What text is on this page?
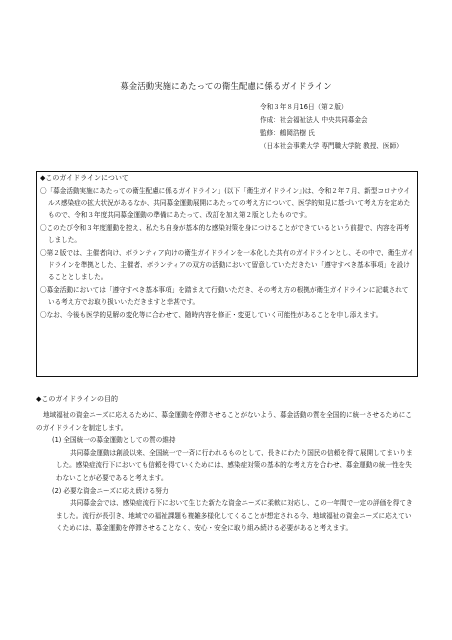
募金活動実施にあたっての衛生配慮に係るガイドライン
令和３年８月16日（第２版）
作成：社会福祉法人 中央共同募金会
監修：鶴岡浩樹 氏
（日本社会事業大学 専門職大学院 教授、医師）
◆このガイドラインについて

〇「募金活動実施にあたっての衛生配慮に係るガイドライン」(以下「衛生ガイドライン」)は、令和２年７月、新型コロナウイルス感染症の拡大状況があるなか、共同募金運動展開にあたっての考え方について、医学的知見に基づいて考え方を定めたもので、令和３年度共同募金運動の準備にあたって、改訂を加え第２版としたものです。

〇このたび令和３年度運動を控え、私たち自身が基本的な感染対策を身につけることができているという前提で、内容を再考しました。

〇第２版では、主催者向け、ボランティア向けの衛生ガイドラインを一本化した共有のガイドラインとし、その中で、衛生ガイドラインを準拠とした、主催者、ボランティアの双方の活動において留意していただきたい「遵守すべき基本事項」を設けることとしました。

〇募金活動においては「遵守すべき基本事項」を踏まえて行動いただき、その考え方の根拠が衛生ガイドラインに記載されている考え方でお取り扱いいただきますと幸甚です。

〇なお、今後も医学的見解の変化等に合わせて、随時内容を修正・変更していく可能性があることを申し添えます。

◆このガイドラインの目的

地域福祉の資金ニーズに応えるために、募金運動を停滞させることがないよう、募金活動の質を全国的に統一させるためにこのガイドラインを制定します。

(1) 全国統一の募金運動としての質の維持

共同募金運動は創設以来、全国統一で一斉に行われるものとして、長きにわたり国民の信頼を得て展開してまいりました。感染症流行下においても信頼を得ていくためには、感染症対策の基本的な考え方を合わせ、募金運動の統一性を失わないことが必要であると考えます。

(2) 必要な資金ニーズに応え続ける努力

共同募金会では、感染症流行下において生じた新たな資金ニーズに柔軟に対応し、この一年間で一定の評価を得てきました。流行が長引き、地域での福祉課題も複雑多様化してくることが想定される今、地域福祉の資金ニーズに応えていくためには、募金運動を停滞させることなく、安心・安全に取り組み続ける必要があると考えます。
